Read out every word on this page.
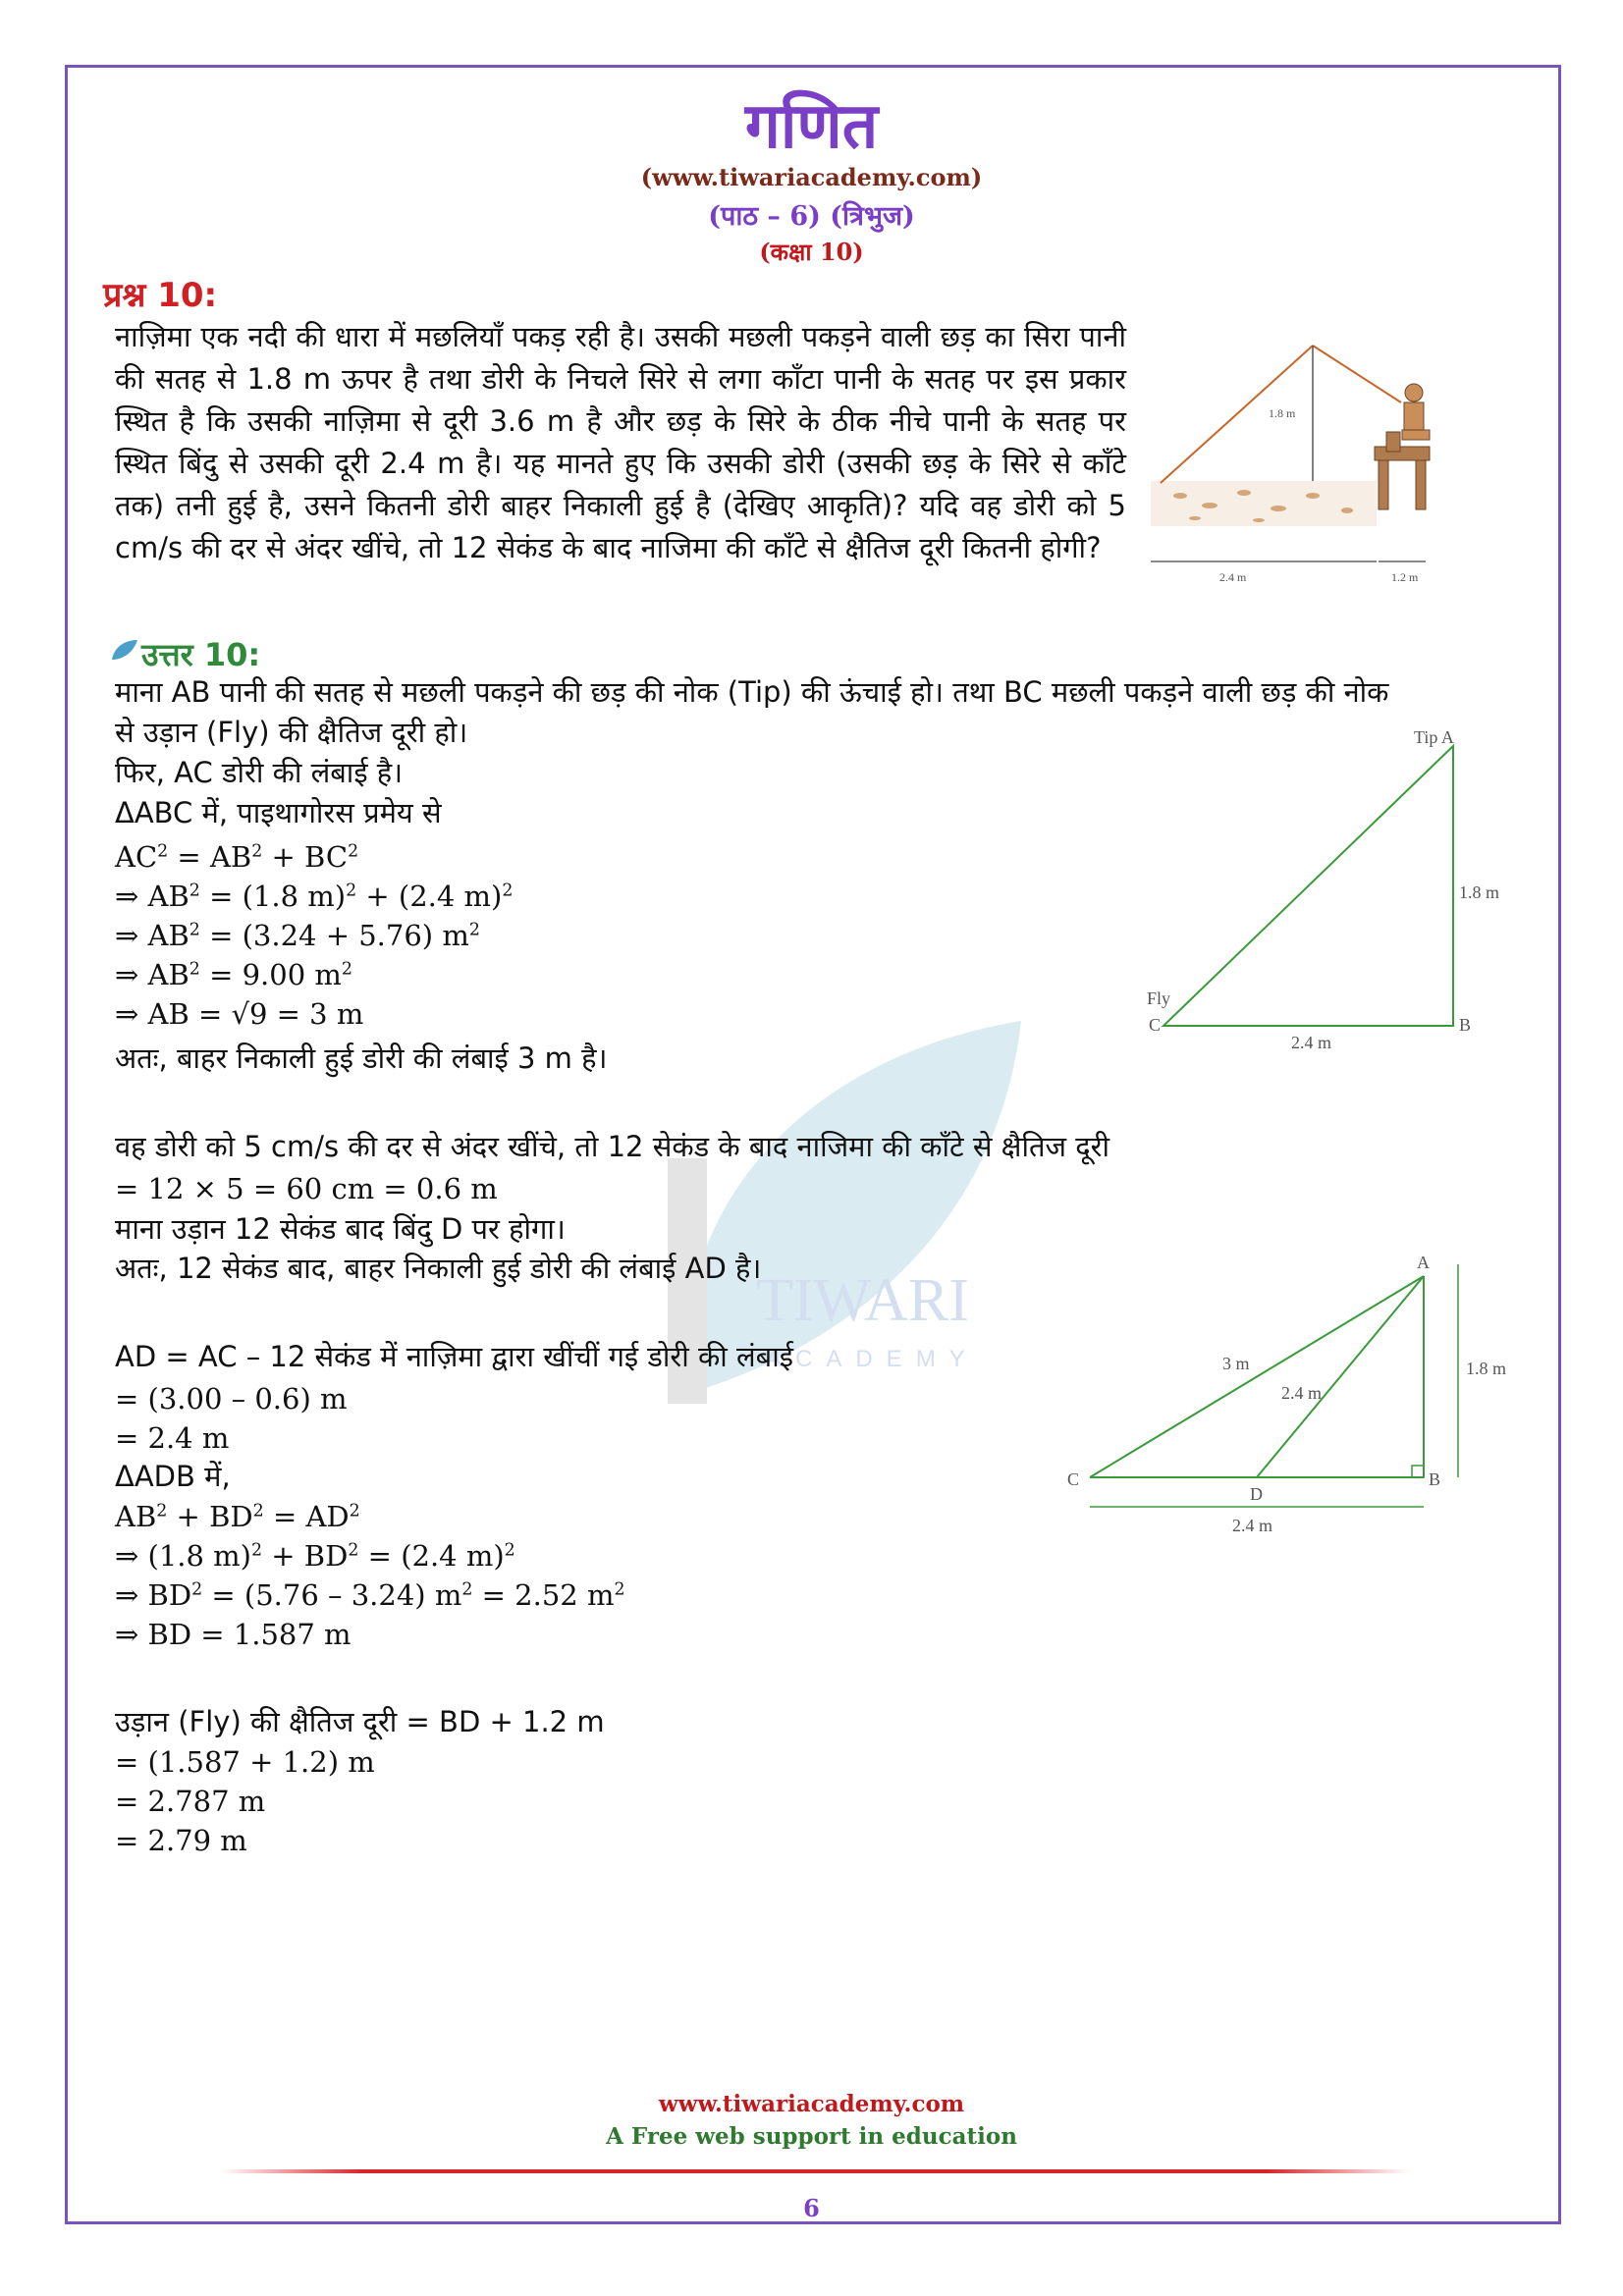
गणित
(www.tiwariacademy.com)
(पाठ – 6) (त्रिभुज)
(कक्षा 10)
TIWARI
ACADEMY
प्रश्न 10:
नाज़िमा एक नदी की धारा में मछलियाँ पकड़ रही है। उसकी मछली पकड़ने वाली छड़ का सिरा पानी की सतह से 1.8 m ऊपर है तथा डोरी के निचले सिरे से लगा काँटा पानी के सतह पर इस प्रकार स्थित है कि उसकी नाज़िमा से दूरी 3.6 m है और छड़ के सिरे के ठीक नीचे पानी के सतह पर स्थित बिंदु से उसकी दूरी 2.4 m है। यह मानते हुए कि उसकी डोरी (उसकी छड़ के सिरे से काँटे तक) तनी हुई है, उसने कितनी डोरी बाहर निकाली हुई है (देखिए आकृति)? यदि वह डोरी को 5 cm/s की दर से अंदर खींचे, तो 12 सेकंड के बाद नाजिमा की काँटे से क्षैतिज दूरी कितनी होगी?
1.8 m
2.4 m	1.2 m
उत्तर 10:
माना AB पानी की सतह से मछली पकड़ने की छड़ की नोक (Tip) की ऊंचाई हो। तथा BC मछली पकड़ने वाली छड़ की नोक
से उड़ान (Fly) की क्षैतिज दूरी हो।
फिर, AC डोरी की लंबाई है।
ΔABC में, पाइथागोरस प्रमेय से
$AC^2 = AB^2 + BC^2$
⇒ $AB^2 = (1.8$ m)$^2$ + (2.4 m)$^2$
⇒ $AB^2 = (3.24 + 5.76)$ $m^2$
⇒ $AB^2 = 9.00$ $m^2$
⇒ AB = √9 = 3 m
अतः, बाहर निकाली हुई डोरी की लंबाई 3 m है।
वह डोरी को 5 cm/s की दर से अंदर खींचे, तो 12 सेकंड के बाद नाजिमा की काँटे से क्षैतिज दूरी
= 12 × 5 = 60 cm = 0.6 m
माना उड़ान 12 सेकंड बाद बिंदु D पर होगा।
अतः, 12 सेकंड बाद, बाहर निकाली हुई डोरी की लंबाई AD है।
AD = AC – 12 सेकंड में नाज़िमा द्वारा खींचीं गई डोरी की लंबाई
= (3.00 – 0.6) m
= 2.4 m
ΔADB में,
$AB^2 + BD^2 = AD^2$
⇒ (1.8 $m)^2 + BD^2 = (2.4$ m)$^2$
⇒ $BD^2 = (5.76 - 3.24) m^2 = 2.52$ $m^2$
⇒ BD = 1.587 m
उड़ान (Fly) की क्षैतिज दूरी = BD + 1.2 m
= (1.587 + 1.2) m
= 2.787 m
= 2.79 m
Tip A
Fly
C	B
1.8 m
2.4 m
A
C
D
B
3 m
2.4 m
1.8 m
2.4 m
www.tiwariacademy.com
A Free web support in education
6
